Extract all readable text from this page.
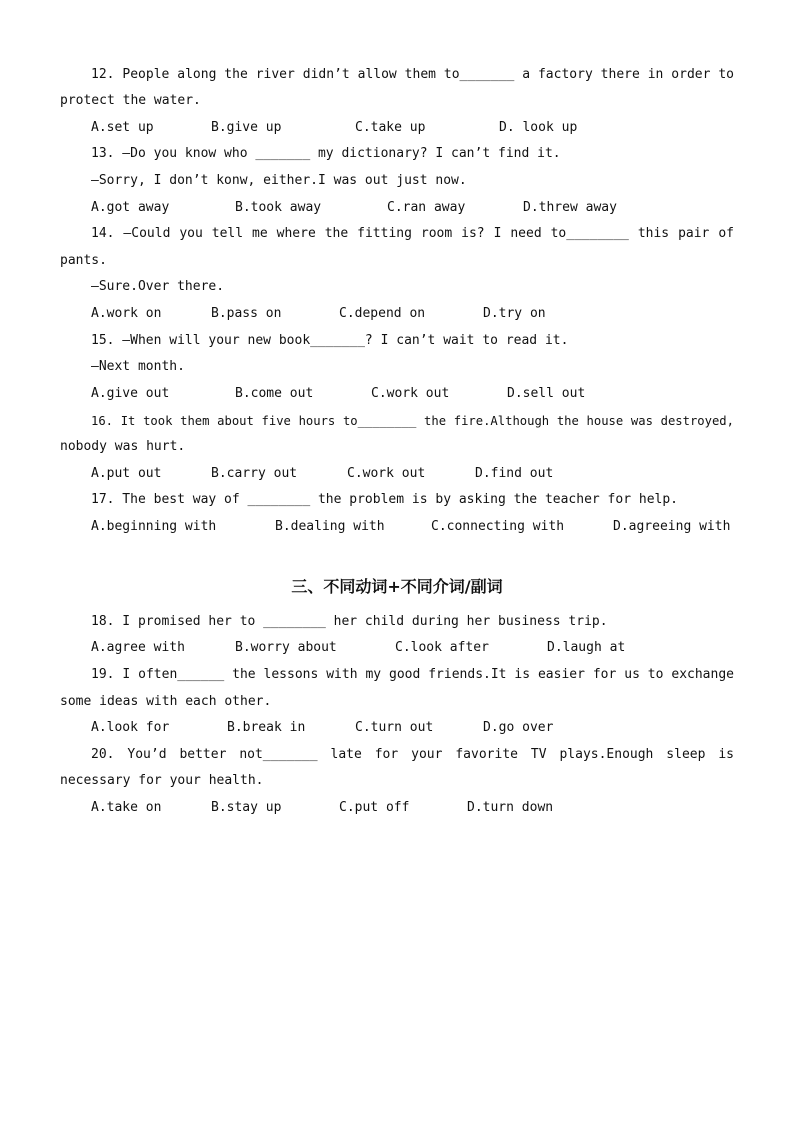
12. People along the river didn’t allow them to_______ a factory there in order to
protect the water.

A.set up

	B.give up

	C.take up

	D. look up

13. —Do you know who _______ my dictionary? I can’t find it.
—Sorry, I don’t konw, either.I was out just now.

A.got away

	B.took away

	C.ran away

	D.threw away

14. —Could you tell me where the fitting room is? I need to________ this pair of
pants.
—Sure.Over there.

A.work on

	B.pass on

	C.depend on

	D.try on

15. —When will your new book_______? I can’t wait to read it.
—Next month.

A.give out

	B.come out

	C.work out

	D.sell out

16. It took them about five hours to________ the fire.Although the house was destroyed,
nobody was hurt.

A.put out

	B.carry out

	C.work out

	D.find out

17. The best way of ________ the problem is by asking the teacher for help.

A.beginning with

	B.dealing with

	C.connecting with

	D.agreeing with

三、不同动词+不同介词/副词
18. I promised her to ________ her child during her business trip.

A.agree with

	B.worry about

	C.look after

	D.laugh at

19. I often______ the lessons with my good friends.It is easier for us to exchange
some ideas with each other.

A.look for

	B.break in

	C.turn out

	D.go over

20. You’d better not_______ late for your favorite TV plays.Enough sleep is
necessary for your health.

A.take on

	B.stay up

	C.put off

	D.turn down
